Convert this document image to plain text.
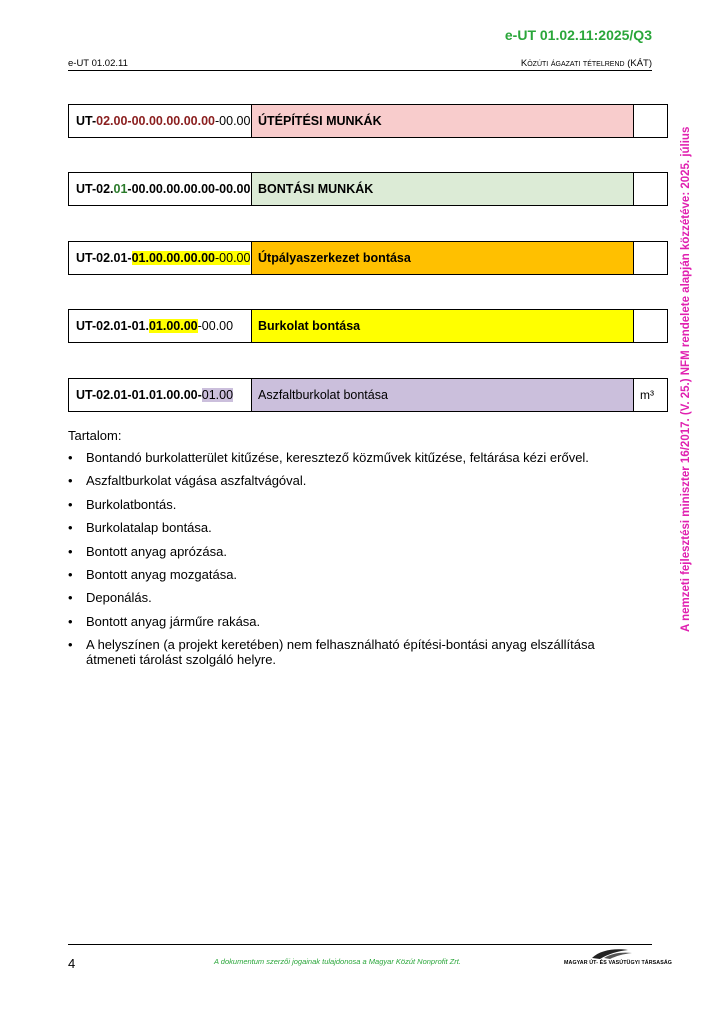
e-UT 01.02.11:2025/Q3
e-UT 01.02.11	Közúti ágazati tételrend (KÁT)
UT- 02.00-00.00.00.00.00 -00.00 ÚTÉPÍTÉSI MUNKÁK
UT-02. 01 -00.00.00.00.00-00.00 BONTÁSI MUNKÁK
UT-02.01- 01.00.00.00.00 -00.00 Útpályaszerkezet bontása
UT-02.01-01. 01.00.00 -00.00	Burkolat bontása
UT-02.01-01.01.00.00- 01.00	Aszfaltburkolat bontása	m³
Tartalom:
• Bontandó burkolatterület kitűzése, keresztező közművek kitűzése, feltárása kézi erővel.
• Aszfaltburkolat vágása aszfaltvágóval.
• Burkolatbontás.
• Burkolatalap bontása.
• Bontott anyag aprózása.
• Bontott anyag mozgatása.
• Deponálás.
• Bontott anyag járműre rakása.
• A helyszínen (a projekt keretében) nem felhasználható építési-bontási anyag elszállítása átmeneti tárolást szolgáló helyre.
A nemzeti fejlesztési miniszter 16/2017. (V. 25.) NFM rendelete alapján közzétéve: 2025. július
4	A dokumentum szerzői jogainak tulajdonosa a Magyar Közút Nonprofit Zrt.	MAGYAR ÚT- ÉS VASÚTÜGYI TÁRSASÁG
